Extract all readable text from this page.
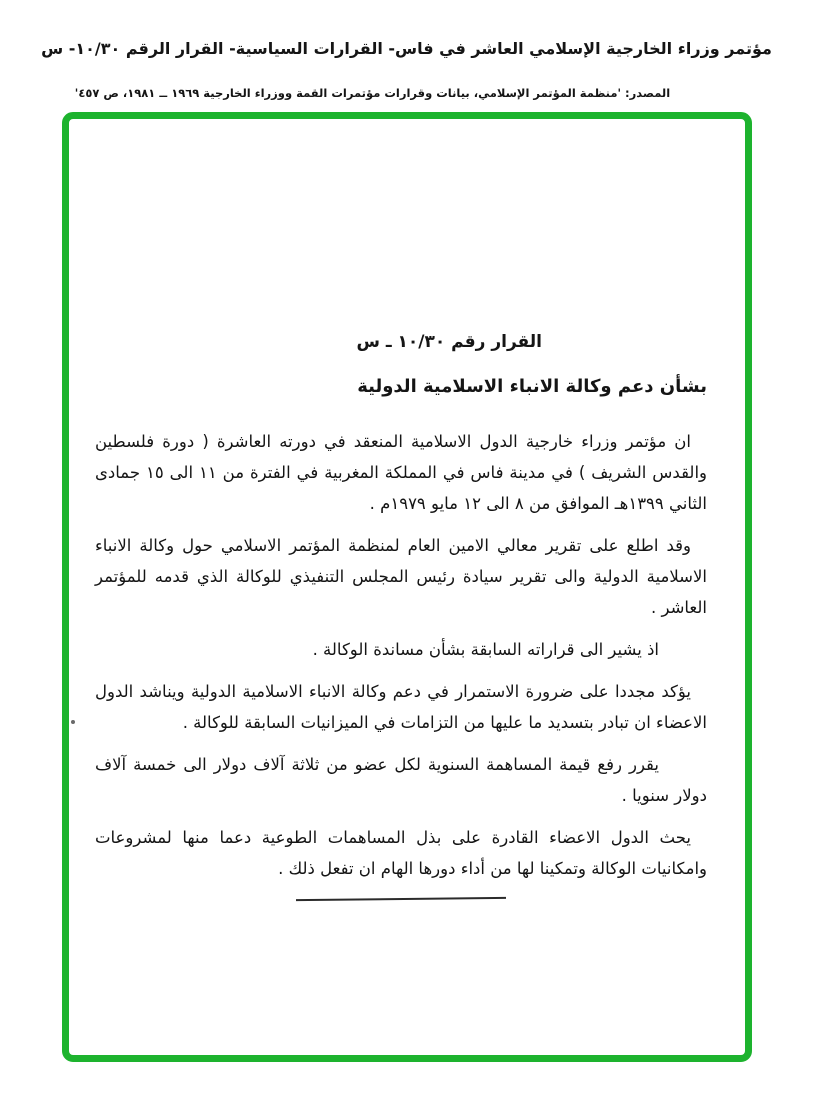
مؤتمر وزراء الخارجية الإسلامي العاشر في فاس- القرارات السياسية- القرار الرقم ١٠/٣٠- س

المصدر: 'منظمة المؤتمر الإسلامي، بيانات وقرارات مؤتمرات القمة ووزراء الخارجية ١٩٦٩ ــ ١٩٨١، ص ٤٥٧'
القرار رقم ١٠/٣٠ ـ س
بشأن دعم وكالة الانباء الاسلامية الدولية

ان مؤتمر وزراء خارجية الدول الاسلامية المنعقد في دورته العاشرة ( دورة فلسطين والقدس الشريف ) في مدينة فاس في المملكة المغربية في الفترة من ١١ الى ١٥ جمادى الثاني ١٣٩٩هـ الموافق من ٨ الى ١٢ مايو ١٩٧٩م .

وقد اطلع على تقرير معالي الامين العام لمنظمة المؤتمر الاسلامي حول وكالة الانباء الاسلامية الدولية والى تقرير سيادة رئيس المجلس التنفيذي للوكالة الذي قدمه للمؤتمر العاشر .

اذ يشير الى قراراته السابقة بشأن مساندة الوكالة .

يؤكد مجددا على ضرورة الاستمرار في دعم وكالة الانباء الاسلامية الدولية ويناشد الدول الاعضاء ان تبادر بتسديد ما عليها من التزامات في الميزانيات السابقة للوكالة .

يقرر رفع قيمة المساهمة السنوية لكل عضو من ثلاثة آلاف دولار الى خمسة آلاف دولار سنويا .

يحث الدول الاعضاء القادرة على بذل المساهمات الطوعية دعما منها لمشروعات وامكانيات الوكالة وتمكينا لها من أداء دورها الهام ان تفعل ذلك .
